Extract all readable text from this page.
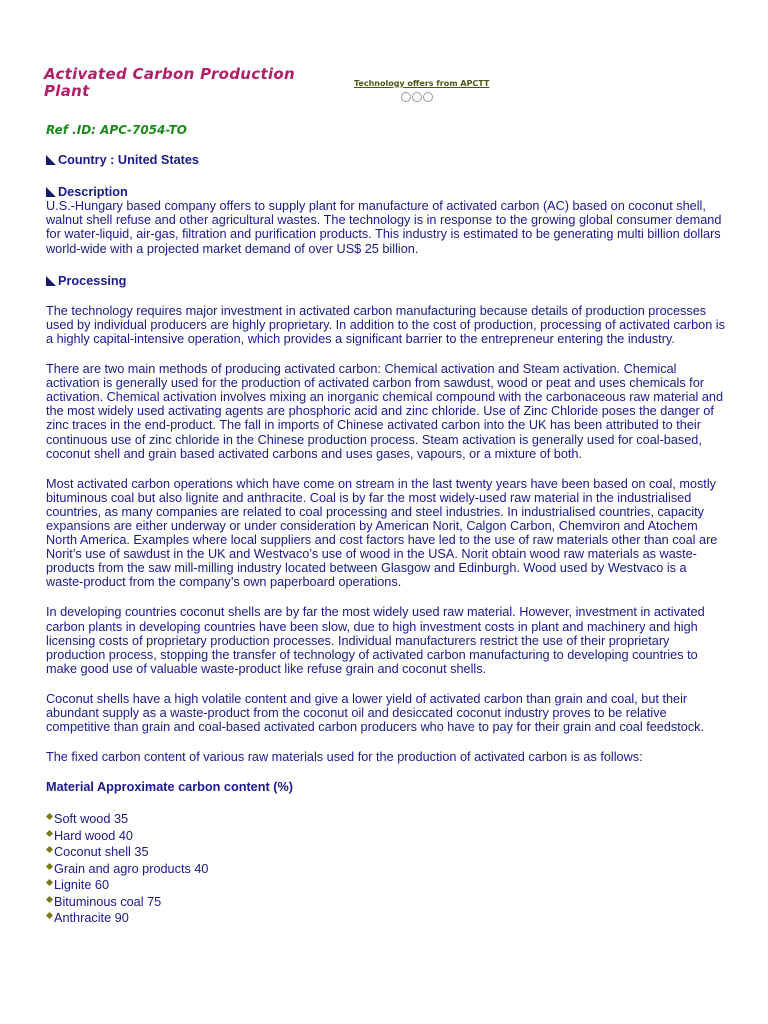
Activated Carbon Production Plant	Technology offers from APCTT
Ref .ID: APC-7054-TO
Country : United States
Description

U.S.-Hungary based company offers to supply plant for manufacture of activated carbon (AC) based on coconut shell, walnut shell refuse and other agricultural wastes. The technology is in response to the growing global consumer demand for water-liquid, air-gas, filtration and purification products. This industry is estimated to be generating multi billion dollars world-wide with a projected market demand of over US$ 25 billion.

Processing

The technology requires major investment in activated carbon manufacturing because details of production processes used by individual producers are highly proprietary. In addition to the cost of production, processing of activated carbon is a highly capital-intensive operation, which provides a significant barrier to the entrepreneur entering the industry.

There are two main methods of producing activated carbon: Chemical activation and Steam activation. Chemical activation is generally used for the production of activated carbon from sawdust, wood or peat and uses chemicals for activation. Chemical activation involves mixing an inorganic chemical compound with the carbonaceous raw material and the most widely used activating agents are phosphoric acid and zinc chloride. Use of Zinc Chloride poses the danger of zinc traces in the end-product. The fall in imports of Chinese activated carbon into the UK has been attributed to their continuous use of zinc chloride in the Chinese production process. Steam activation is generally used for coal-based, coconut shell and grain based activated carbons and uses gases, vapours, or a mixture of both.

Most activated carbon operations which have come on stream in the last twenty years have been based on coal, mostly bituminous coal but also lignite and anthracite. Coal is by far the most widely-used raw material in the industrialised countries, as many companies are related to coal processing and steel industries. In industrialised countries, capacity expansions are either underway or under consideration by American Norit, Calgon Carbon, Chemviron and Atochem North America. Examples where local suppliers and cost factors have led to the use of raw materials other than coal are Norit’s use of sawdust in the UK and Westvaco’s use of wood in the USA. Norit obtain wood raw materials as waste-products from the saw mill-milling industry located between Glasgow and Edinburgh. Wood used by Westvaco is a waste-product from the company’s own paperboard operations.

In developing countries coconut shells are by far the most widely used raw material. However, investment in activated carbon plants in developing countries have been slow, due to high investment costs in plant and machinery and high licensing costs of proprietary production processes. Individual manufacturers restrict the use of their proprietary production process, stopping the transfer of technology of activated carbon manufacturing to developing countries to make good use of valuable waste-product like refuse grain and coconut shells.

Coconut shells have a high volatile content and give a lower yield of activated carbon than grain and coal, but their abundant supply as a waste-product from the coconut oil and desiccated coconut industry proves to be relative competitive than grain and coal-based activated carbon producers who have to pay for their grain and coal feedstock.

The fixed carbon content of various raw materials used for the production of activated carbon is as follows:

Material Approximate carbon content (%)
Soft wood 35
Hard wood 40
Coconut shell 35
Grain and agro products 40
Lignite 60
Bituminous coal 75
Anthracite 90
